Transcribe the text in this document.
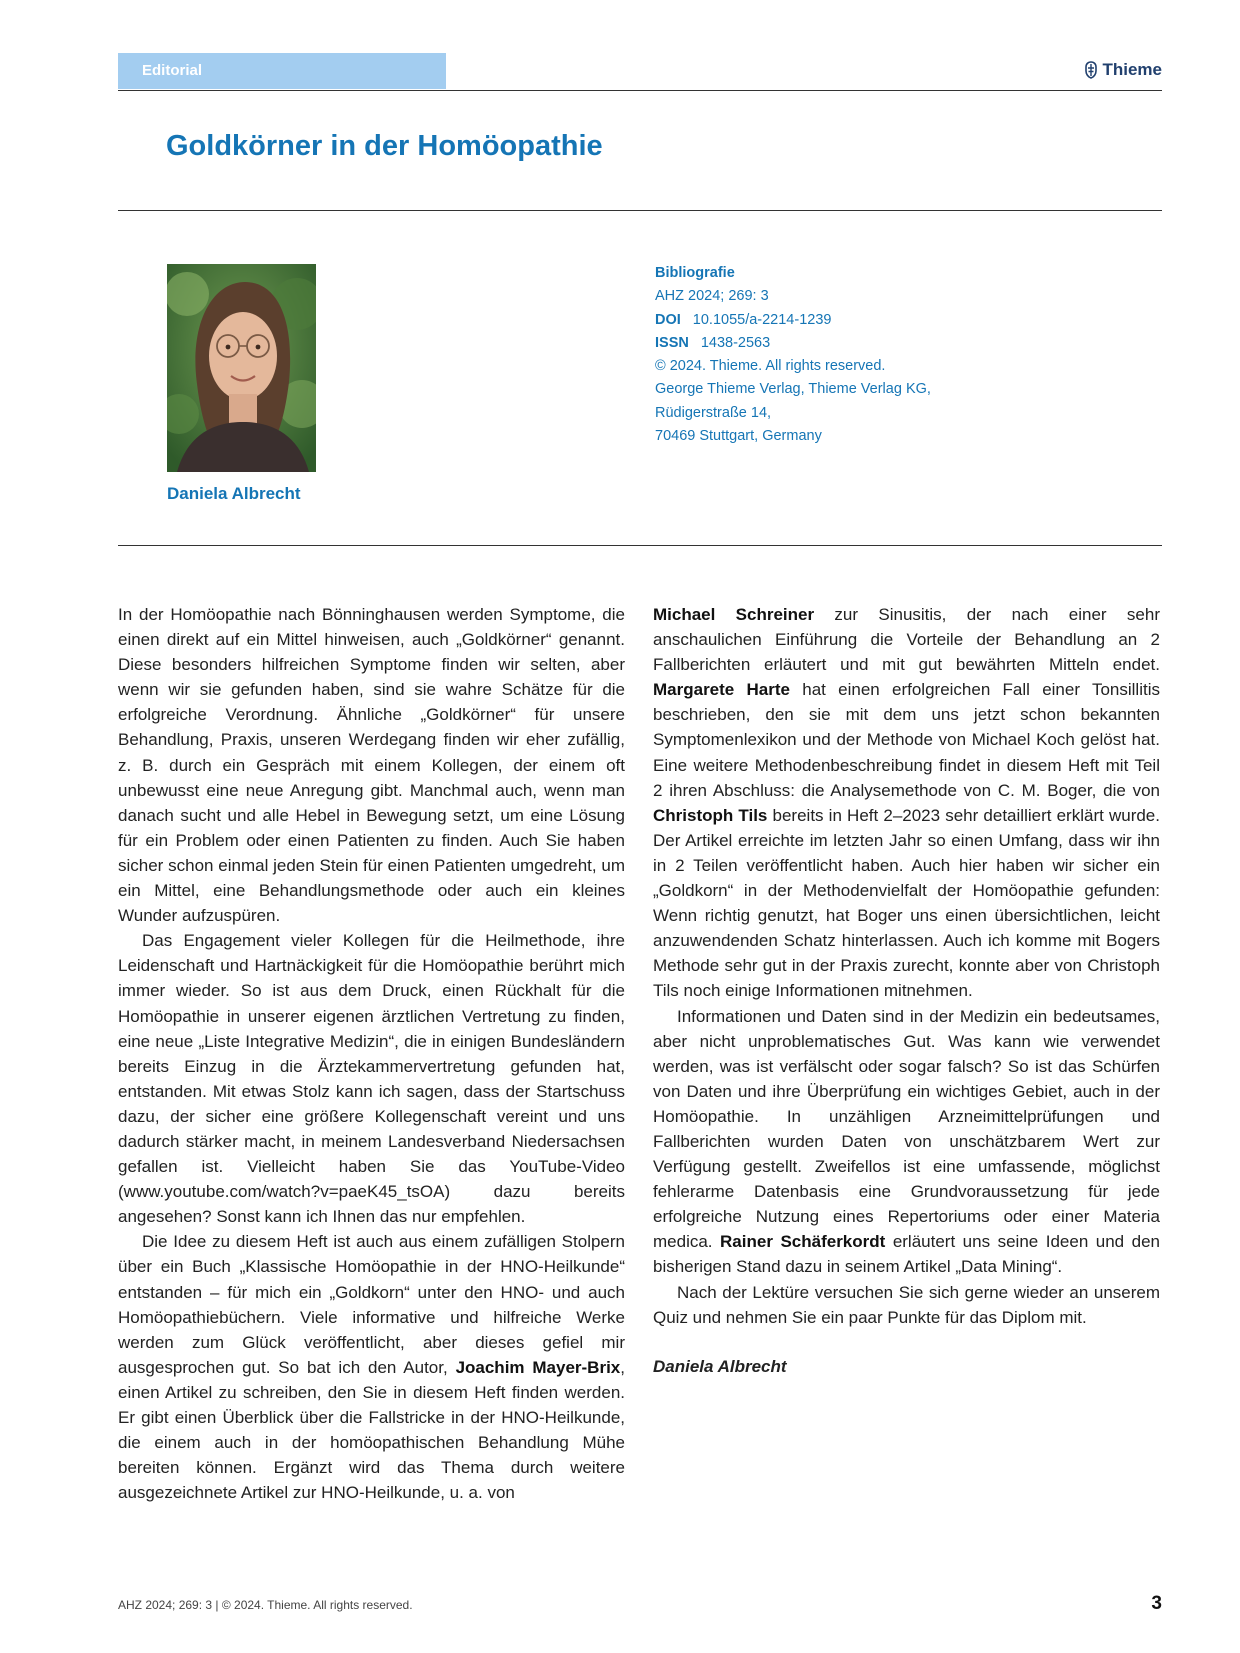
Editorial	Thieme
Goldkörner in der Homöopathie
Daniela Albrecht
Bibliografie
AHZ 2024; 269: 3
DOI 10.1055/a-2214-1239
ISSN 1438-2563
© 2024. Thieme. All rights reserved.
George Thieme Verlag, Thieme Verlag KG,
Rüdigerstraße 14,
70469 Stuttgart, Germany

In der Homöopathie nach Bönninghausen werden Symptome, die einen direkt auf ein Mittel hinweisen, auch „Goldkörner“ genannt. Diese besonders hilfreichen Symptome finden wir selten, aber wenn wir sie gefunden haben, sind sie wahre Schätze für die erfolgreiche Verordnung. Ähnliche „Goldkörner“ für unsere Behandlung, Praxis, unseren Werdegang finden wir eher zufällig, z. B. durch ein Gespräch mit einem Kollegen, der einem oft unbewusst eine neue Anregung gibt. Manchmal auch, wenn man danach sucht und alle Hebel in Bewegung setzt, um eine Lösung für ein Problem oder einen Patienten zu finden. Auch Sie haben sicher schon einmal jeden Stein für einen Patienten umgedreht, um ein Mittel, eine Behandlungsmethode oder auch ein kleines Wunder aufzuspüren.

Das Engagement vieler Kollegen für die Heilmethode, ihre Leidenschaft und Hartnäckigkeit für die Homöopathie berührt mich immer wieder. So ist aus dem Druck, einen Rückhalt für die Homöopathie in unserer eigenen ärztlichen Vertretung zu finden, eine neue „Liste Integrative Medizin“, die in einigen Bundesländern bereits Einzug in die Ärztekammervertretung gefunden hat, entstanden. Mit etwas Stolz kann ich sagen, dass der Startschuss dazu, der sicher eine größere Kollegenschaft vereint und uns dadurch stärker macht, in meinem Landesverband Niedersachsen gefallen ist. Vielleicht haben Sie das YouTube-Video (www.youtube.com/watch?v=paeK45_tsOA) dazu bereits angesehen? Sonst kann ich Ihnen das nur empfehlen.

Die Idee zu diesem Heft ist auch aus einem zufälligen Stolpern über ein Buch „Klassische Homöopathie in der HNO-Heilkunde“ entstanden – für mich ein „Goldkorn“ unter den HNO- und auch Homöopathiebüchern. Viele informative und hilfreiche Werke werden zum Glück veröffentlicht, aber dieses gefiel mir ausgesprochen gut. So bat ich den Autor, Joachim Mayer-Brix, einen Artikel zu schreiben, den Sie in diesem Heft finden werden. Er gibt einen Überblick über die Fallstricke in der HNO-Heilkunde, die einem auch in der homöopathischen Behandlung Mühe bereiten können. Ergänzt wird das Thema durch weitere ausgezeichnete Artikel zur HNO-Heilkunde, u. a. von

Michael Schreiner zur Sinusitis, der nach einer sehr anschaulichen Einführung die Vorteile der Behandlung an 2 Fallberichten erläutert und mit gut bewährten Mitteln endet. Margarete Harte hat einen erfolgreichen Fall einer Tonsillitis beschrieben, den sie mit dem uns jetzt schon bekannten Symptomenlexikon und der Methode von Michael Koch gelöst hat. Eine weitere Methodenbeschreibung findet in diesem Heft mit Teil 2 ihren Abschluss: die Analysemethode von C. M. Boger, die von Christoph Tils bereits in Heft 2–2023 sehr detailliert erklärt wurde. Der Artikel erreichte im letzten Jahr so einen Umfang, dass wir ihn in 2 Teilen veröffentlicht haben. Auch hier haben wir sicher ein „Goldkorn“ in der Methodenvielfalt der Homöopathie gefunden: Wenn richtig genutzt, hat Boger uns einen übersichtlichen, leicht anzuwendenden Schatz hinterlassen. Auch ich komme mit Bogers Methode sehr gut in der Praxis zurecht, konnte aber von Christoph Tils noch einige Informationen mitnehmen.

Informationen und Daten sind in der Medizin ein bedeutsames, aber nicht unproblematisches Gut. Was kann wie verwendet werden, was ist verfälscht oder sogar falsch? So ist das Schürfen von Daten und ihre Überprüfung ein wichtiges Gebiet, auch in der Homöopathie. In unzähligen Arzneimittelprüfungen und Fallberichten wurden Daten von unschätzbarem Wert zur Verfügung gestellt. Zweifellos ist eine umfassende, möglichst fehlerarme Datenbasis eine Grundvoraussetzung für jede erfolgreiche Nutzung eines Repertoriums oder einer Materia medica. Rainer Schäferkordt erläutert uns seine Ideen und den bisherigen Stand dazu in seinem Artikel „Data Mining“.

Nach der Lektüre versuchen Sie sich gerne wieder an unserem Quiz und nehmen Sie ein paar Punkte für das Diplom mit.

Daniela Albrecht

AHZ 2024; 269: 3 | © 2024. Thieme. All rights reserved.	3
